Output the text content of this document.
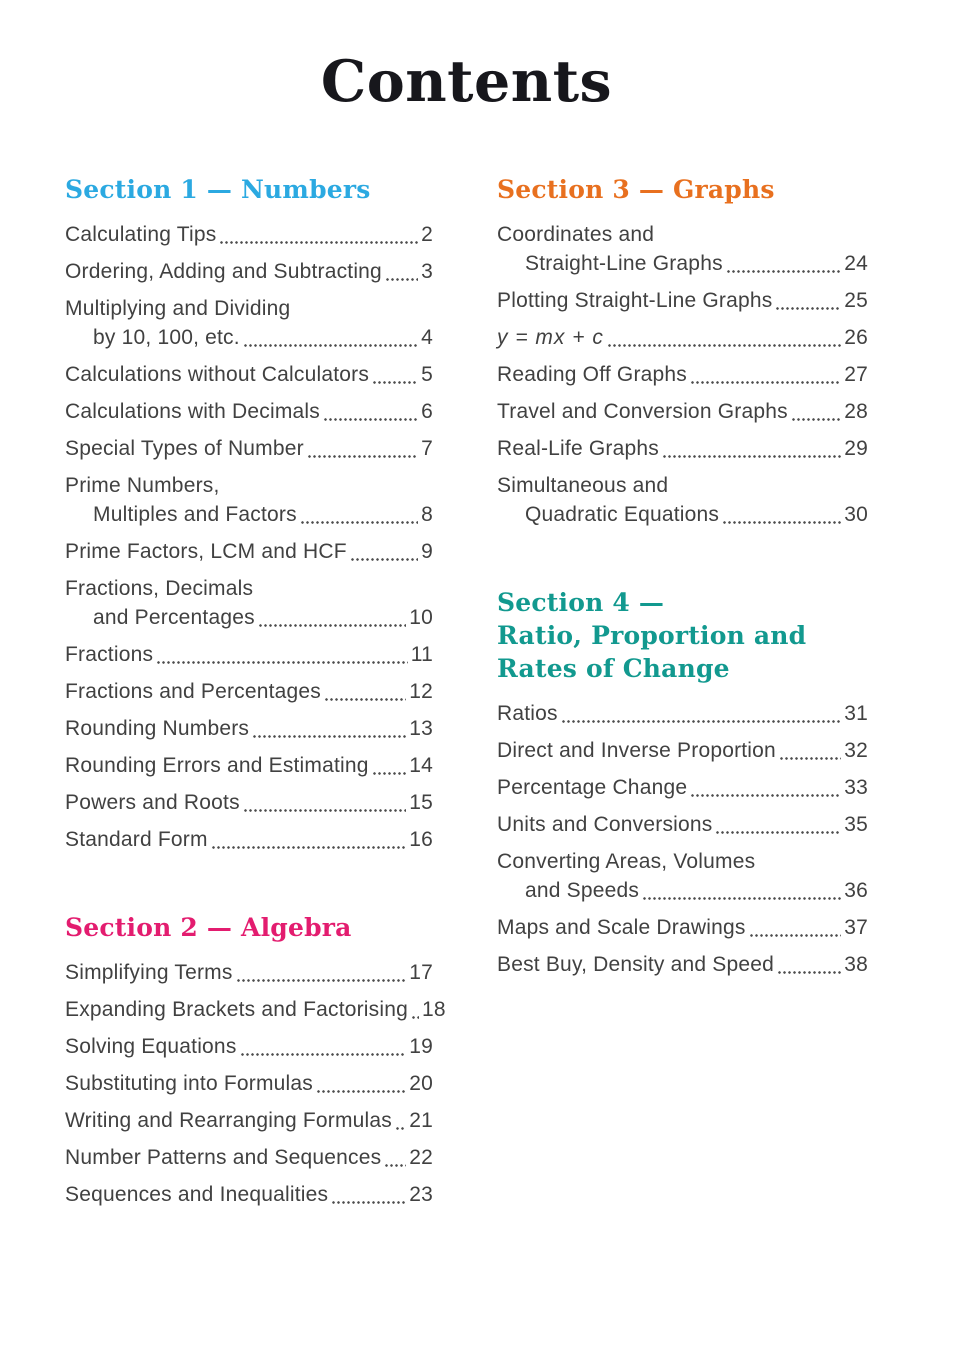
Contents
Section 1 — Numbers
Calculating Tips	2
Ordering, Adding and Subtracting 3
Multiplying and Dividing
by 10, 100, etc.	4
Calculations without Calculators 5
Calculations with Decimals	6
Special Types of Number	7
Prime Numbers,
Multiples and Factors	8
Prime Factors, LCM and HCF	9
Fractions, Decimals
and Percentages	10
Fractions	11
Fractions and Percentages	12
Rounding Numbers	13
Rounding Errors and Estimating 14
Powers and Roots	15
Standard Form	16
Section 2 — Algebra
Simplifying Terms	17
Expanding Brackets and Factorising 18
Solving Equations	19
Substituting into Formulas	20
Writing and Rearranging Formulas 21
Number Patterns and Sequences 22
Sequences and Inequalities	23
Section 3 — Graphs
Coordinates and
Straight-Line Graphs	24
Plotting Straight-Line Graphs	25
y = mx + c	26
Reading Off Graphs	27
Travel and Conversion Graphs	28
Real-Life Graphs	29
Simultaneous and
Quadratic Equations	30
Section 4 —
Ratio, Proportion and
Rates of Change
Ratios	31
Direct and Inverse Proportion	32
Percentage Change	33
Units and Conversions	35
Converting Areas, Volumes
and Speeds	36
Maps and Scale Drawings	37
Best Buy, Density and Speed	38
